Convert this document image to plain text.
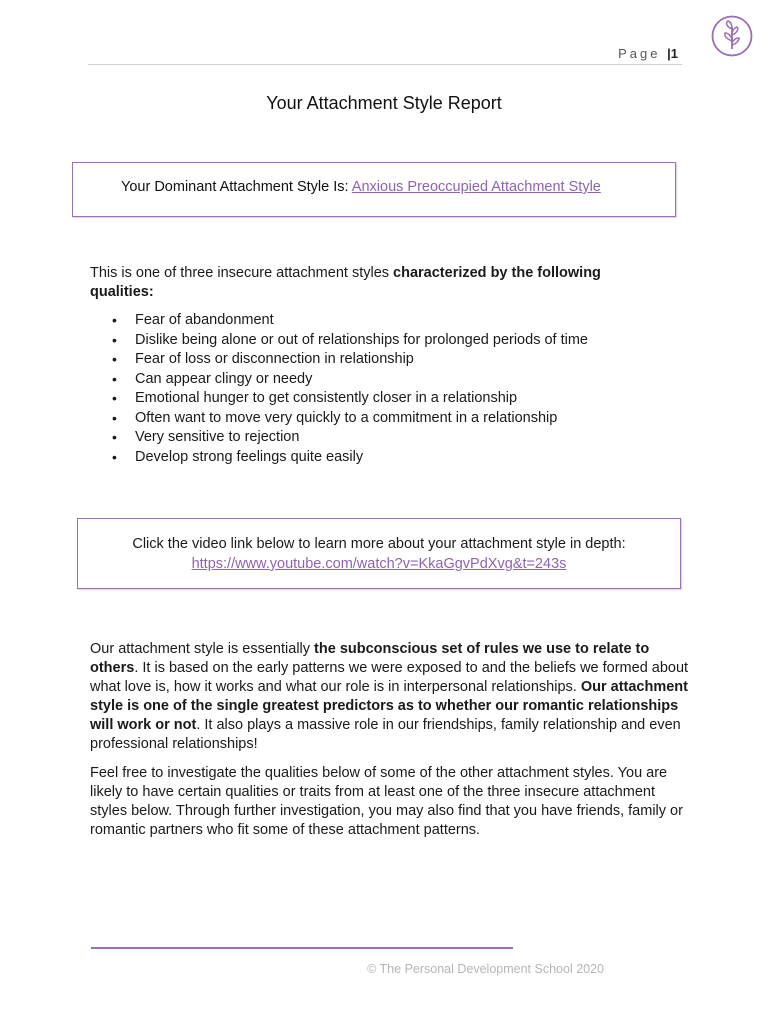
Page |1
Your Attachment Style Report
Your Dominant Attachment Style Is: Anxious Preoccupied Attachment Style
This is one of three insecure attachment styles characterized by the following qualities:
• Fear of abandonment
• Dislike being alone or out of relationships for prolonged periods of time
• Fear of loss or disconnection in relationship
• Can appear clingy or needy
• Emotional hunger to get consistently closer in a relationship
• Often want to move very quickly to a commitment in a relationship
• Very sensitive to rejection
• Develop strong feelings quite easily
Click the video link below to learn more about your attachment style in depth:
https://www.youtube.com/watch?v=KkaGgvPdXvg&t=243s
Our attachment style is essentially the subconscious set of rules we use to relate to others. It is based on the early patterns we were exposed to and the beliefs we formed about what love is, how it works and what our role is in interpersonal relationships. Our attachment style is one of the single greatest predictors as to whether our romantic relationships will work or not. It also plays a massive role in our friendships, family relationship and even professional relationships!
Feel free to investigate the qualities below of some of the other attachment styles. You are likely to have certain qualities or traits from at least one of the three insecure attachment styles below. Through further investigation, you may also find that you have friends, family or romantic partners who fit some of these attachment patterns.
© The Personal Development School 2020
